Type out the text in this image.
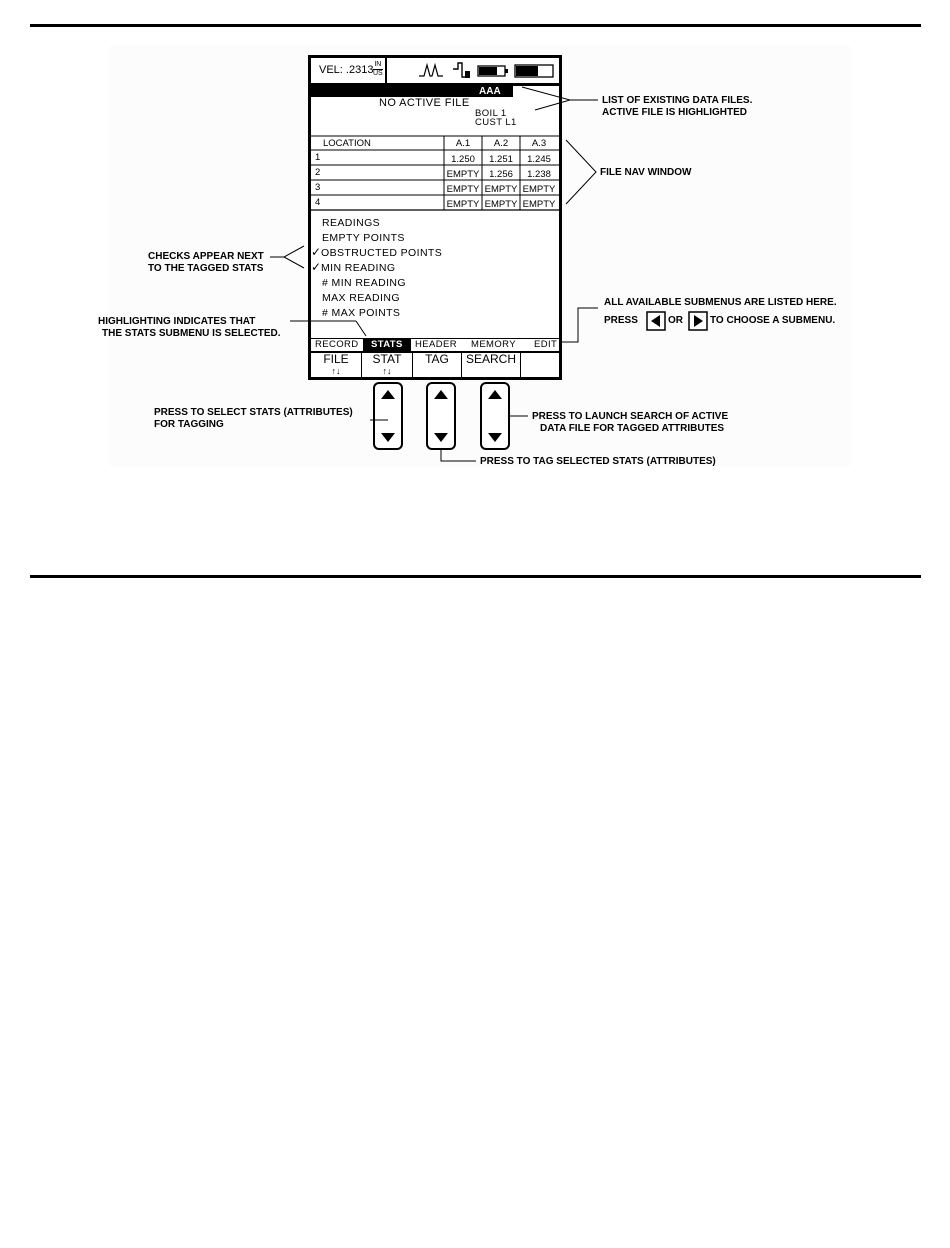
VEL: .2313 IN
US
AAA
NO ACTIVE FILE
BOIL 1
CUST L1
LOCATION	A.1	A.2	A.3
1	1.250	1.251	1.245
2	EMPTY	1.256	1.238
3	EMPTY EMPTY EMPTY
4	EMPTY EMPTY EMPTY
READINGS
EMPTY POINTS
✓ OBSTRUCTED POINTS
✓ MIN READING
# MIN READING
MAX READING
# MAX POINTS
RECORD STATS HEADER MEMORY EDIT
FILE
↑↓
STAT
↑↓
TAG	SEARCH
LIST OF EXISTING DATA FILES.
ACTIVE FILE IS HIGHLIGHTED
FILE NAV WINDOW
CHECKS APPEAR NEXT
TO THE TAGGED STATS
HIGHLIGHTING INDICATES THAT
THE STATS SUBMENU IS SELECTED.
ALL AVAILABLE SUBMENUS ARE LISTED HERE.
PRESS	OR	TO CHOOSE A SUBMENU.
PRESS TO SELECT STATS (ATTRIBUTES)
FOR TAGGING
PRESS TO LAUNCH SEARCH OF ACTIVE
DATA FILE FOR TAGGED ATTRIBUTES
PRESS TO TAG SELECTED STATS (ATTRIBUTES)
